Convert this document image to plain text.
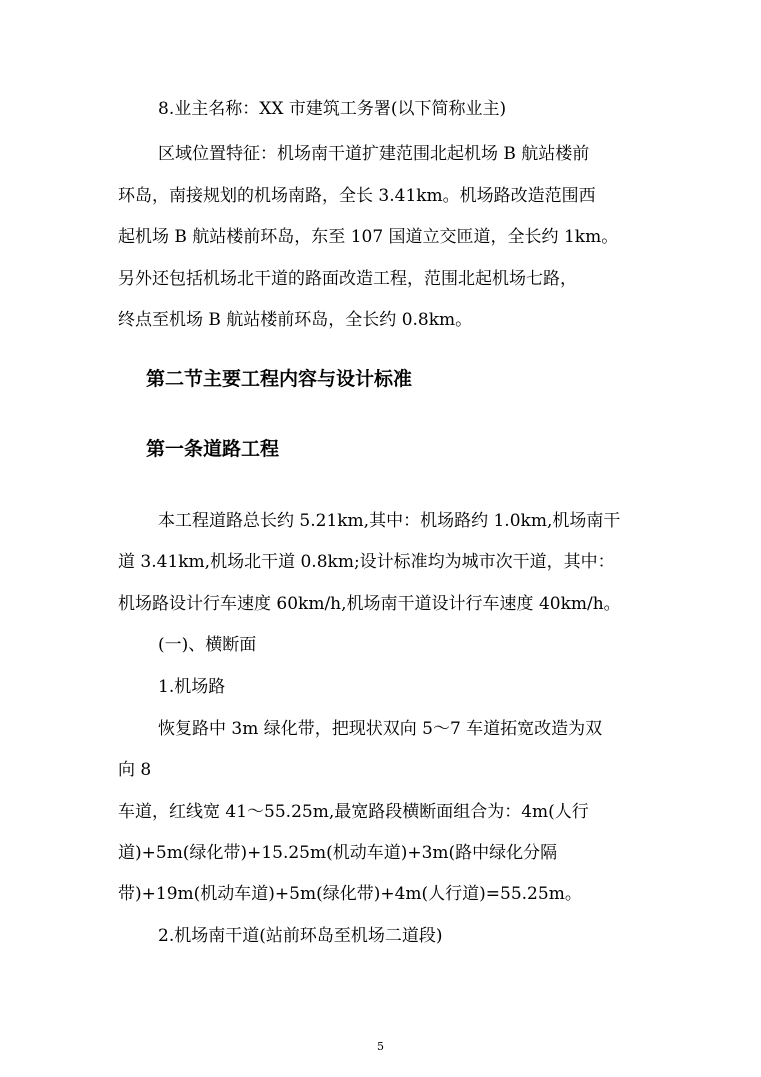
8.业主名称：XX 市建筑工务署(以下简称业主)

区域位置特征：机场南干道扩建范围北起机场 B 航站楼前

环岛，南接规划的机场南路，全长 3.41km。机场路改造范围西

起机场 B 航站楼前环岛，东至 107 国道立交匝道，全长约 1km。

另外还包括机场北干道的路面改造工程，范围北起机场七路，

终点至机场 B 航站楼前环岛，全长约 0.8km。

第二节主要工程内容与设计标准
第一条道路工程

本工程道路总长约 5.21km,其中：机场路约 1.0km,机场南干

道 3.41km,机场北干道 0.8km;设计标准均为城市次干道，其中：

机场路设计行车速度 60km/h,机场南干道设计行车速度 40km/h。

(一)、横断面

1.机场路

恢复路中 3m 绿化带，把现状双向 5～7 车道拓宽改造为双

向 8

车道，红线宽 41～55.25m,最宽路段横断面组合为：4m(人行

道)+5m(绿化带)+15.25m(机动车道)+3m(路中绿化分隔

带)+19m(机动车道)+5m(绿化带)+4m(人行道)=55.25m。

2.机场南干道(站前环岛至机场二道段)

5
